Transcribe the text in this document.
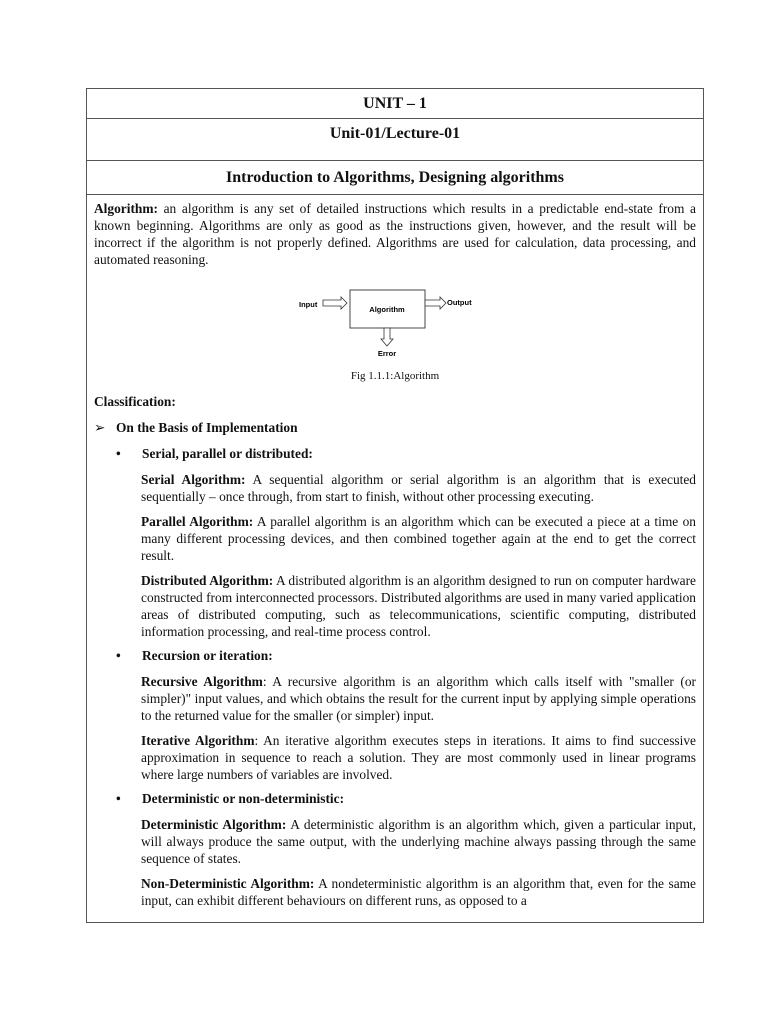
UNIT – 1
Unit-01/Lecture-01
Introduction to Algorithms, Designing algorithms

Algorithm: an algorithm is any set of detailed instructions which results in a predictable end-state from a known beginning. Algorithms are only as good as the instructions given, however, and the result will be incorrect if the algorithm is not properly defined. Algorithms are used for calculation, data processing, and automated reasoning.

Input
Algorithm
Output
Error
Fig 1.1.1:Algorithm
Classification:
➢ On the Basis of Implementation
•	Serial, parallel or distributed:

Serial Algorithm: A sequential algorithm or serial algorithm is an algorithm that is executed sequentially – once through, from start to finish, without other processing executing.

Parallel Algorithm: A parallel algorithm is an algorithm which can be executed a piece at a time on many different processing devices, and then combined together again at the end to get the correct result.

Distributed Algorithm: A distributed algorithm is an algorithm designed to run on computer hardware constructed from interconnected processors. Distributed algorithms are used in many varied application areas of distributed computing, such as telecommunications, scientific computing, distributed information processing, and real-time process control.

•	Recursion or iteration:

Recursive Algorithm: A recursive algorithm is an algorithm which calls itself with "smaller (or simpler)" input values, and which obtains the result for the current input by applying simple operations to the returned value for the smaller (or simpler) input.

Iterative Algorithm: An iterative algorithm executes steps in iterations. It aims to find successive approximation in sequence to reach a solution. They are most commonly used in linear programs where large numbers of variables are involved.

•	Deterministic or non-deterministic:

Deterministic Algorithm: A deterministic algorithm is an algorithm which, given a particular input, will always produce the same output, with the underlying machine always passing through the same sequence of states.

Non-Deterministic Algorithm: A nondeterministic algorithm is an algorithm that, even for the same input, can exhibit different behaviours on different runs, as opposed to a
